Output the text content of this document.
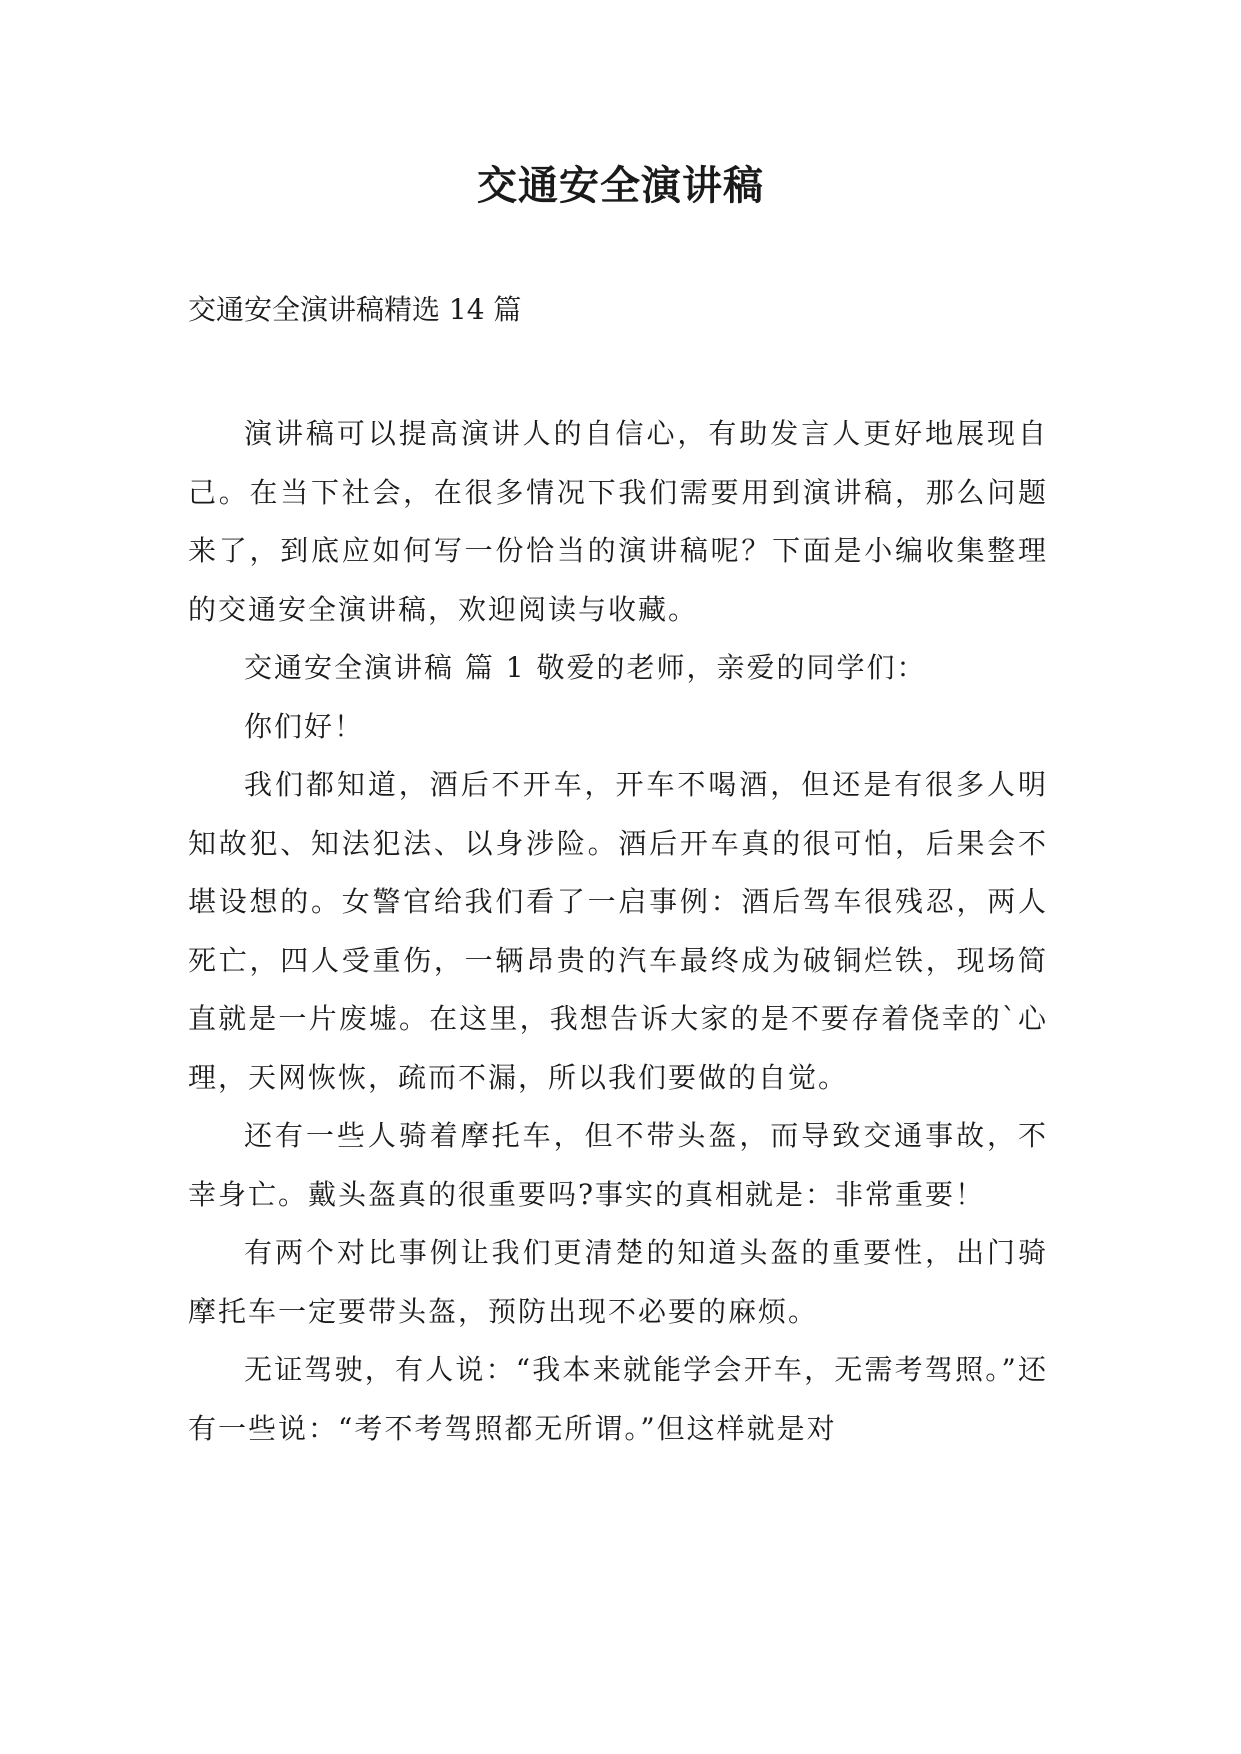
交通安全演讲稿

交通安全演讲稿精选 14 篇

演讲稿可以提高演讲人的自信心，有助发言人更好地展现自己。在当下社会，在很多情况下我们需要用到演讲稿，那么问题来了，到底应如何写一份恰当的演讲稿呢？下面是小编收集整理的交通安全演讲稿，欢迎阅读与收藏。

交通安全演讲稿 篇 1 敬爱的老师，亲爱的同学们：

你们好！

我们都知道，酒后不开车，开车不喝酒，但还是有很多人明知故犯、知法犯法、以身涉险。酒后开车真的很可怕，后果会不堪设想的。女警官给我们看了一启事例：酒后驾车很残忍，两人死亡，四人受重伤，一辆昂贵的汽车最终成为破铜烂铁，现场简直就是一片废墟。在这里，我想告诉大家的是不要存着侥幸的`心理，天网恢恢，疏而不漏，所以我们要做的自觉。

还有一些人骑着摩托车，但不带头盔，而导致交通事故，不幸身亡。戴头盔真的很重要吗?事实的真相就是：非常重要！

有两个对比事例让我们更清楚的知道头盔的重要性，出门骑摩托车一定要带头盔，预防出现不必要的麻烦。

无证驾驶，有人说：“我本来就能学会开车，无需考驾照。”还有一些说：“考不考驾照都无所谓。”但这样就是对
